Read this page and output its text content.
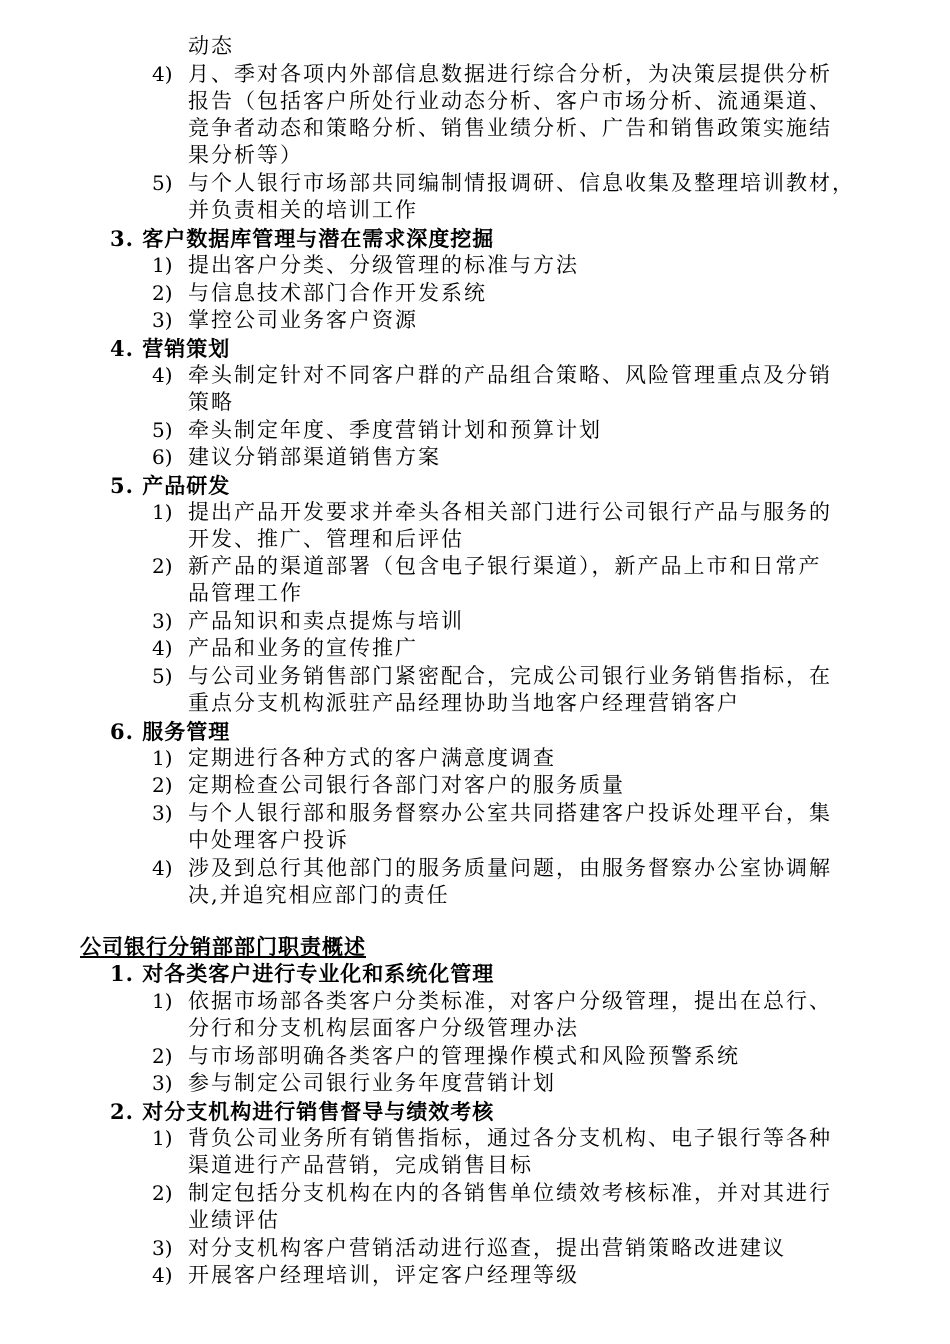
动态
4) 月、季对各项内外部信息数据进行综合分析，为决策层提供分析
报告（包括客户所处行业动态分析、客户市场分析、流通渠道、
竞争者动态和策略分析、销售业绩分析、广告和销售政策实施结
果分析等）
5) 与个人银行市场部共同编制情报调研、信息收集及整理培训教材，
并负责相关的培训工作
3. 客户数据库管理与潜在需求深度挖掘
1) 提出客户分类、分级管理的标准与方法
2) 与信息技术部门合作开发系统
3) 掌控公司业务客户资源
4. 营销策划
4) 牵头制定针对不同客户群的产品组合策略、风险管理重点及分销
策略
5) 牵头制定年度、季度营销计划和预算计划
6) 建议分销部渠道销售方案
5. 产品研发
1) 提出产品开发要求并牵头各相关部门进行公司银行产品与服务的
开发、推广、管理和后评估
2) 新产品的渠道部署（包含电子银行渠道），新产品上市和日常产
品管理工作
3) 产品知识和卖点提炼与培训
4) 产品和业务的宣传推广
5) 与公司业务销售部门紧密配合，完成公司银行业务销售指标，在
重点分支机构派驻产品经理协助当地客户经理营销客户
6. 服务管理
1) 定期进行各种方式的客户满意度调查
2) 定期检查公司银行各部门对客户的服务质量
3) 与个人银行部和服务督察办公室共同搭建客户投诉处理平台，集
中处理客户投诉
4) 涉及到总行其他部门的服务质量问题，由服务督察办公室协调解
决,并追究相应部门的责任
公司银行分销部部门职责概述
1. 对各类客户进行专业化和系统化管理
1) 依据市场部各类客户分类标准，对客户分级管理，提出在总行、
分行和分支机构层面客户分级管理办法
2) 与市场部明确各类客户的管理操作模式和风险预警系统
3) 参与制定公司银行业务年度营销计划
2. 对分支机构进行销售督导与绩效考核
1) 背负公司业务所有销售指标，通过各分支机构、电子银行等各种
渠道进行产品营销，完成销售目标
2) 制定包括分支机构在内的各销售单位绩效考核标准，并对其进行
业绩评估
3) 对分支机构客户营销活动进行巡查，提出营销策略改进建议
4) 开展客户经理培训，评定客户经理等级
